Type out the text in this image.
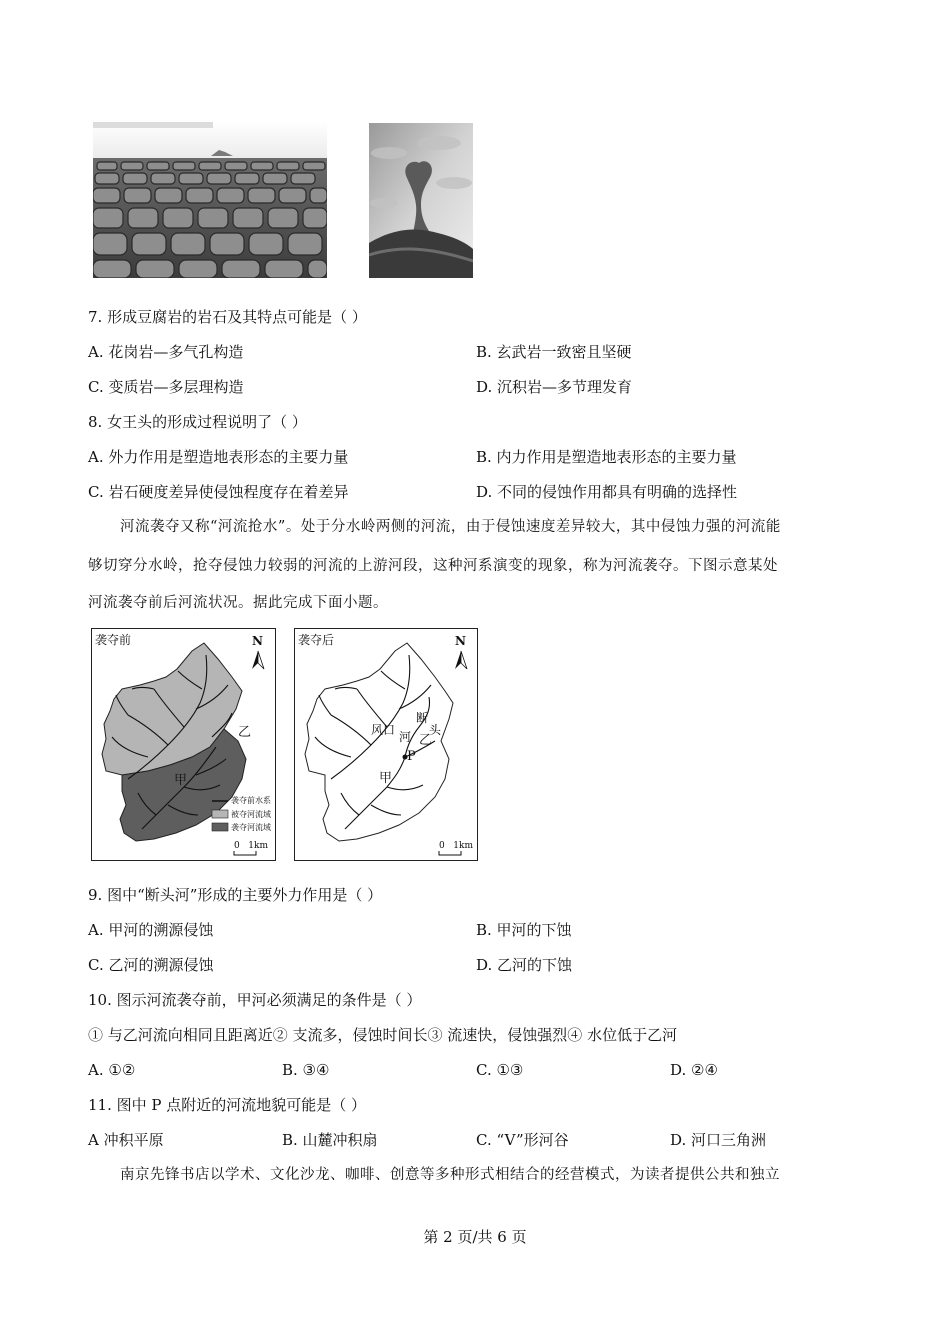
7. 形成豆腐岩的岩石及其特点可能是（ ）
A. 花岗岩—多气孔构造	B. 玄武岩一致密且坚硬
C. 变质岩—多层理构造	D. 沉积岩—多节理发育
8. 女王头的形成过程说明了（ ）
A. 外力作用是塑造地表形态的主要力量	B. 内力作用是塑造地表形态的主要力量
C. 岩石硬度差异使侵蚀程度存在着差异	D. 不同的侵蚀作用都具有明确的选择性
河流袭夺又称“河流抢水”。处于分水岭两侧的河流，由于侵蚀速度差异较大，其中侵蚀力强的河流能
够切穿分水岭，抢夺侵蚀力较弱的河流的上游河段，这种河系演变的现象，称为河流袭夺。下图示意某处
河流袭夺前后河流状况。据此完成下面小题。
袭夺前	N
乙
甲
袭夺前水系
被夺河流域
袭夺河流域
0   1km
袭夺后	N
风口
断
头
河 乙
P
甲
0   1km
9. 图中“断头河”形成的主要外力作用是（ ）
A. 甲河的溯源侵蚀	B. 甲河的下蚀
C. 乙河的溯源侵蚀	D. 乙河的下蚀
10. 图示河流袭夺前，甲河必须满足的条件是（ ）
① 与乙河流向相同且距离近② 支流多，侵蚀时间长③ 流速快，侵蚀强烈④ 水位低于乙河
A. ①②	B. ③④	C. ①③	D. ②④
11. 图中 P 点附近的河流地貌可能是（ ）
A 冲积平原	B. 山麓冲积扇	C. “V”形河谷	D. 河口三角洲
南京先锋书店以学术、文化沙龙、咖啡、创意等多种形式相结合的经营模式，为读者提供公共和独立
第 2 页/共 6 页
